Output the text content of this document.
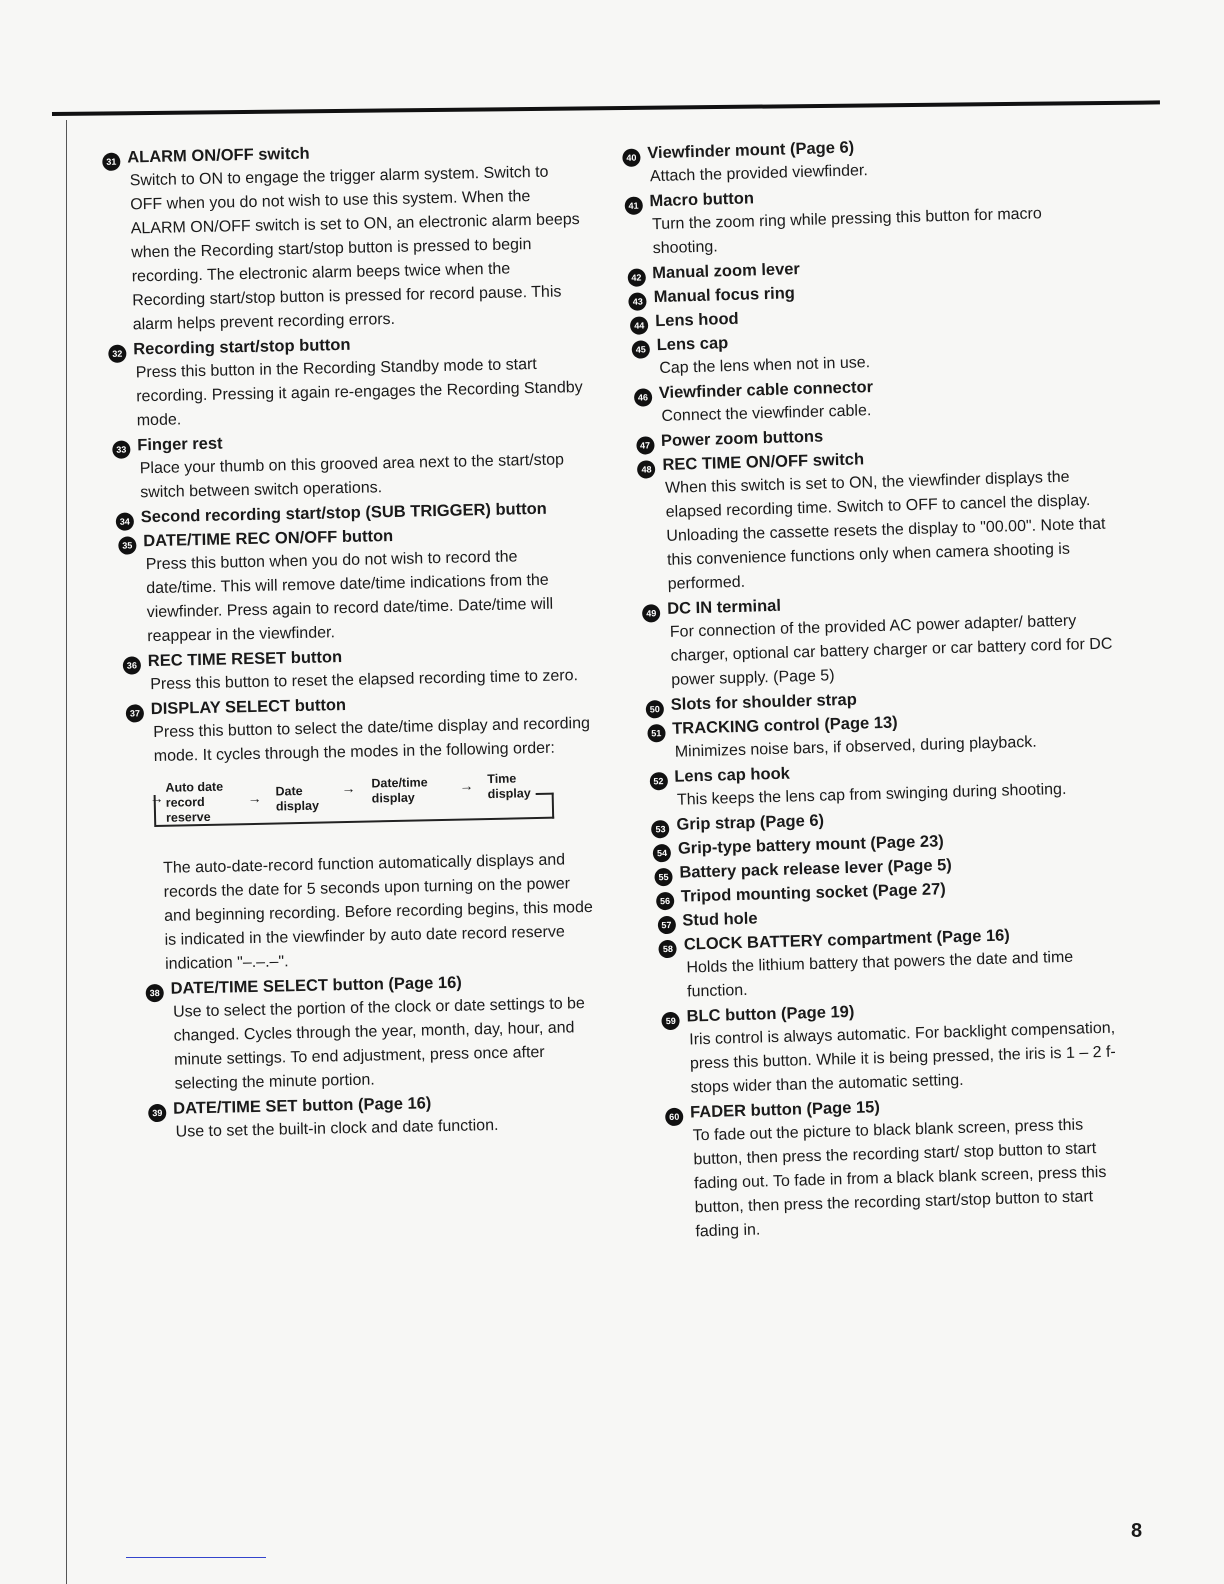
31 ALARM ON/OFF switch
Switch to ON to engage the trigger alarm system. Switch to OFF when you do not wish to use this system. When the ALARM ON/OFF switch is set to ON, an electronic alarm beeps when the Recording start/stop button is pressed to begin recording. The electronic alarm beeps twice when the Recording start/stop button is pressed for record pause. This alarm helps prevent recording errors.
32 Recording start/stop button
Press this button in the Recording Standby mode to start recording. Pressing it again re-engages the Recording Standby mode.
33 Finger rest
Place your thumb on this grooved area next to the start/stop switch between switch operations.
34 Second recording start/stop (SUB TRIGGER) button
35 DATE/TIME REC ON/OFF button
Press this button when you do not wish to record the date/time. This will remove date/time indications from the viewfinder. Press again to record date/time. Date/time will reappear in the viewfinder.
36 REC TIME RESET button
Press this button to reset the elapsed recording time to zero.
37 DISPLAY SELECT button
Press this button to select the date/time display and recording mode. It cycles through the modes in the following order:
→
Auto date
record
reserve
→ Date
display
→ Date/time
display
→ Time
display
The auto-date-record function automatically displays and records the date for 5 seconds upon turning on the power and beginning recording. Before recording begins, this mode is indicated in the viewfinder by auto date record reserve indication "–.–.–".
38 DATE/TIME SELECT button (Page 16)
Use to select the portion of the clock or date settings to be changed. Cycles through the year, month, day, hour, and minute settings. To end adjustment, press once after selecting the minute portion.
39 DATE/TIME SET button (Page 16)
Use to set the built-in clock and date function.
40 Viewfinder mount (Page 6)
Attach the provided viewfinder.
41 Macro button
Turn the zoom ring while pressing this button for macro shooting.
42 Manual zoom lever
43 Manual focus ring
44 Lens hood
45 Lens cap
Cap the lens when not in use.
46 Viewfinder cable connector
Connect the viewfinder cable.
47 Power zoom buttons
48 REC TIME ON/OFF switch
When this switch is set to ON, the viewfinder displays the elapsed recording time. Switch to OFF to cancel the display. Unloading the cassette resets the display to "00.00". Note that this convenience functions only when camera shooting is performed.
49 DC IN terminal
For connection of the provided AC power adapter/ battery charger, optional car battery charger or car battery cord for DC power supply. (Page 5)
50 Slots for shoulder strap
51 TRACKING control (Page 13)
Minimizes noise bars, if observed, during playback.
52 Lens cap hook
This keeps the lens cap from swinging during shooting.
53 Grip strap (Page 6)
54 Grip-type battery mount (Page 23)
55 Battery pack release lever (Page 5)
56 Tripod mounting socket (Page 27)
57 Stud hole
58 CLOCK BATTERY compartment (Page 16)
Holds the lithium battery that powers the date and time function.
59 BLC button (Page 19)
Iris control is always automatic. For backlight compensation, press this button. While it is being pressed, the iris is 1 – 2 f-stops wider than the automatic setting.
60 FADER button (Page 15)
To fade out the picture to black blank screen, press this button, then press the recording start/ stop button to start fading out. To fade in from a black blank screen, press this button, then press the recording start/stop button to start fading in.
8
